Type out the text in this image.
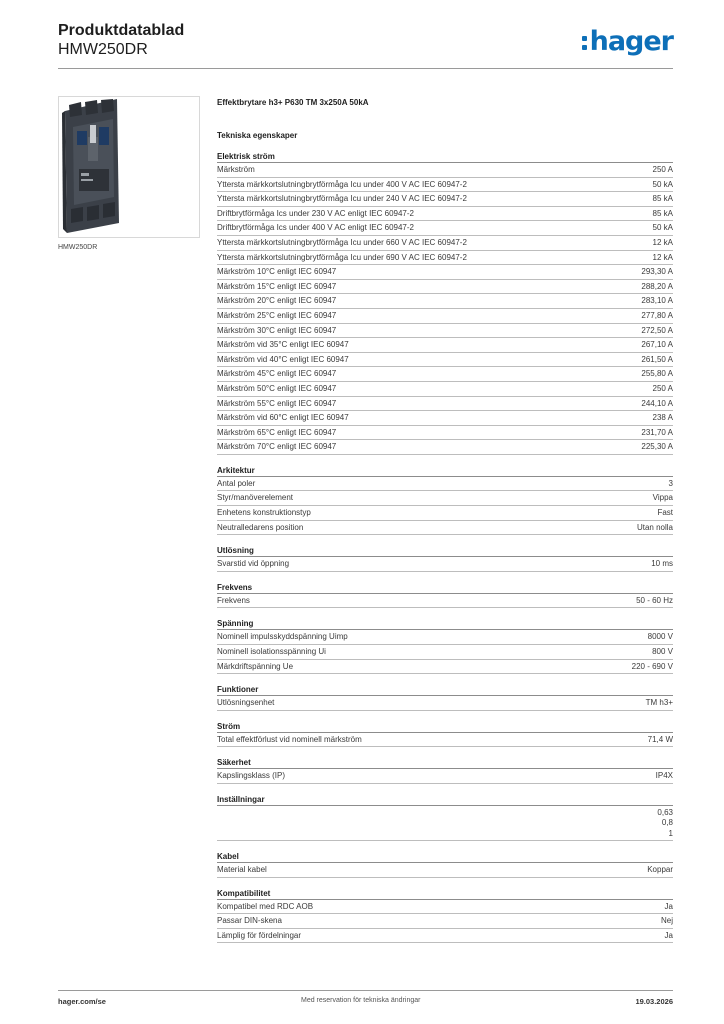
Produktdatablad
HMW250DR	hager
HMW250DR
Effektbrytare h3+ P630 TM 3x250A 50kA
Tekniska egenskaper
Elektrisk ström
Märkström	250 A
Yttersta märkkortslutningbrytförmåga Icu under 400 V AC IEC 60947-2	50 kA
Yttersta märkkortslutningbrytförmåga Icu under 240 V AC IEC 60947-2	85 kA
Driftbrytförmåga Ics under 230 V AC enligt IEC 60947-2	85 kA
Driftbrytförmåga Ics under 400 V AC enligt IEC 60947-2	50 kA
Yttersta märkkortslutningbrytförmåga Icu under 660 V AC IEC 60947-2	12 kA
Yttersta märkkortslutningbrytförmåga Icu under 690 V AC IEC 60947-2	12 kA
Märkström 10°C enligt IEC 60947	293,30 A
Märkström 15°C enligt IEC 60947	288,20 A
Märkström 20°C enligt IEC 60947	283,10 A
Märkström 25°C enligt IEC 60947	277,80 A
Märkström 30°C enligt IEC 60947	272,50 A
Märkström vid 35°C enligt IEC 60947	267,10 A
Märkström vid 40°C enligt IEC 60947	261,50 A
Märkström 45°C enligt IEC 60947	255,80 A
Märkström 50°C enligt IEC 60947	250 A
Märkström 55°C enligt IEC 60947	244,10 A
Märkström vid 60°C enligt IEC 60947	238 A
Märkström 65°C enligt IEC 60947	231,70 A
Märkström 70°C enligt IEC 60947	225,30 A
Arkitektur
Antal poler	3
Styr/manöverelement	Vippa
Enhetens konstruktionstyp	Fast
Neutralledarens position	Utan nolla
Utlösning
Svarstid vid öppning	10 ms
Frekvens
Frekvens	50 - 60 Hz
Spänning
Nominell impulsskyddspänning Uimp	8000 V
Nominell isolationsspänning Ui	800 V
Märkdriftspänning Ue	220 - 690 V
Funktioner
Utlösningsenhet	TM h3+
Ström
Total effektförlust vid nominell märkström	71,4 W
Säkerhet
Kapslingsklass (IP)	IP4X
Inställningar
0,63
0,8
1
Kabel
Material kabel	Koppar
Kompatibilitet
Kompatibel med RDC AOB	Ja
Passar DIN-skena	Nej
Lämplig för fördelningar	Ja
hager.com/se	Med reservation för tekniska ändringar	19.03.2026
